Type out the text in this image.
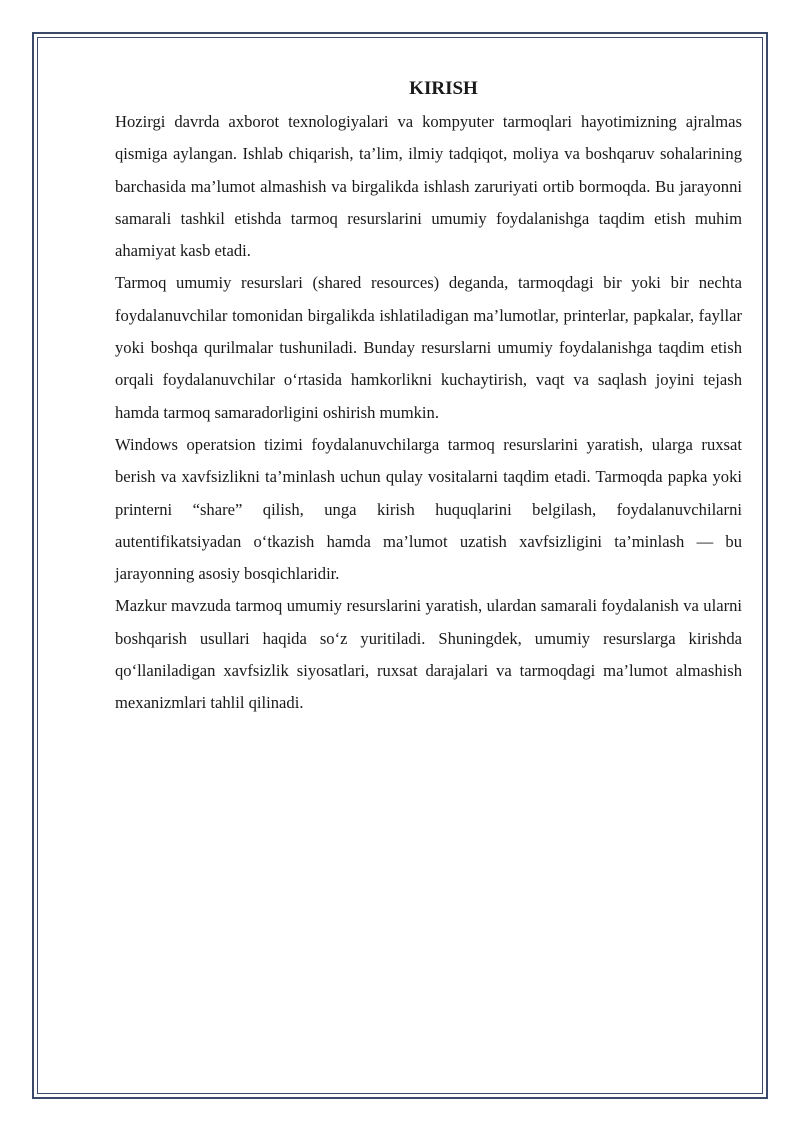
KIRISH

Hozirgi davrda axborot texnologiyalari va kompyuter tarmoqlari hayotimizning ajralmas qismiga aylangan. Ishlab chiqarish, ta’lim, ilmiy tadqiqot, moliya va boshqaruv sohalarining barchasida ma’lumot almashish va birgalikda ishlash zaruriyati ortib bormoqda. Bu jarayonni samarali tashkil etishda tarmoq resurslarini umumiy foydalanishga taqdim etish muhim ahamiyat kasb etadi.

Tarmoq umumiy resurslari (shared resources) deganda, tarmoqdagi bir yoki bir nechta foydalanuvchilar tomonidan birgalikda ishlatiladigan ma’lumotlar, printerlar, papkalar, fayllar yoki boshqa qurilmalar tushuniladi. Bunday resurslarni umumiy foydalanishga taqdim etish orqali foydalanuvchilar o‘rtasida hamkorlikni kuchaytirish, vaqt va saqlash joyini tejash hamda tarmoq samaradorligini oshirish mumkin.

Windows operatsion tizimi foydalanuvchilarga tarmoq resurslarini yaratish, ularga ruxsat berish va xavfsizlikni ta’minlash uchun qulay vositalarni taqdim etadi. Tarmoqda papka yoki printerni “share” qilish, unga kirish huquqlarini belgilash, foydalanuvchilarni autentifikatsiyadan o‘tkazish hamda ma’lumot uzatish xavfsizligini ta’minlash — bu jarayonning asosiy bosqichlaridir.

Mazkur mavzuda tarmoq umumiy resurslarini yaratish, ulardan samarali foydalanish va ularni boshqarish usullari haqida so‘z yuritiladi. Shuningdek, umumiy resurslarga kirishda qo‘llaniladigan xavfsizlik siyosatlari, ruxsat darajalari va tarmoqdagi ma’lumot almashish mexanizmlari tahlil qilinadi.
